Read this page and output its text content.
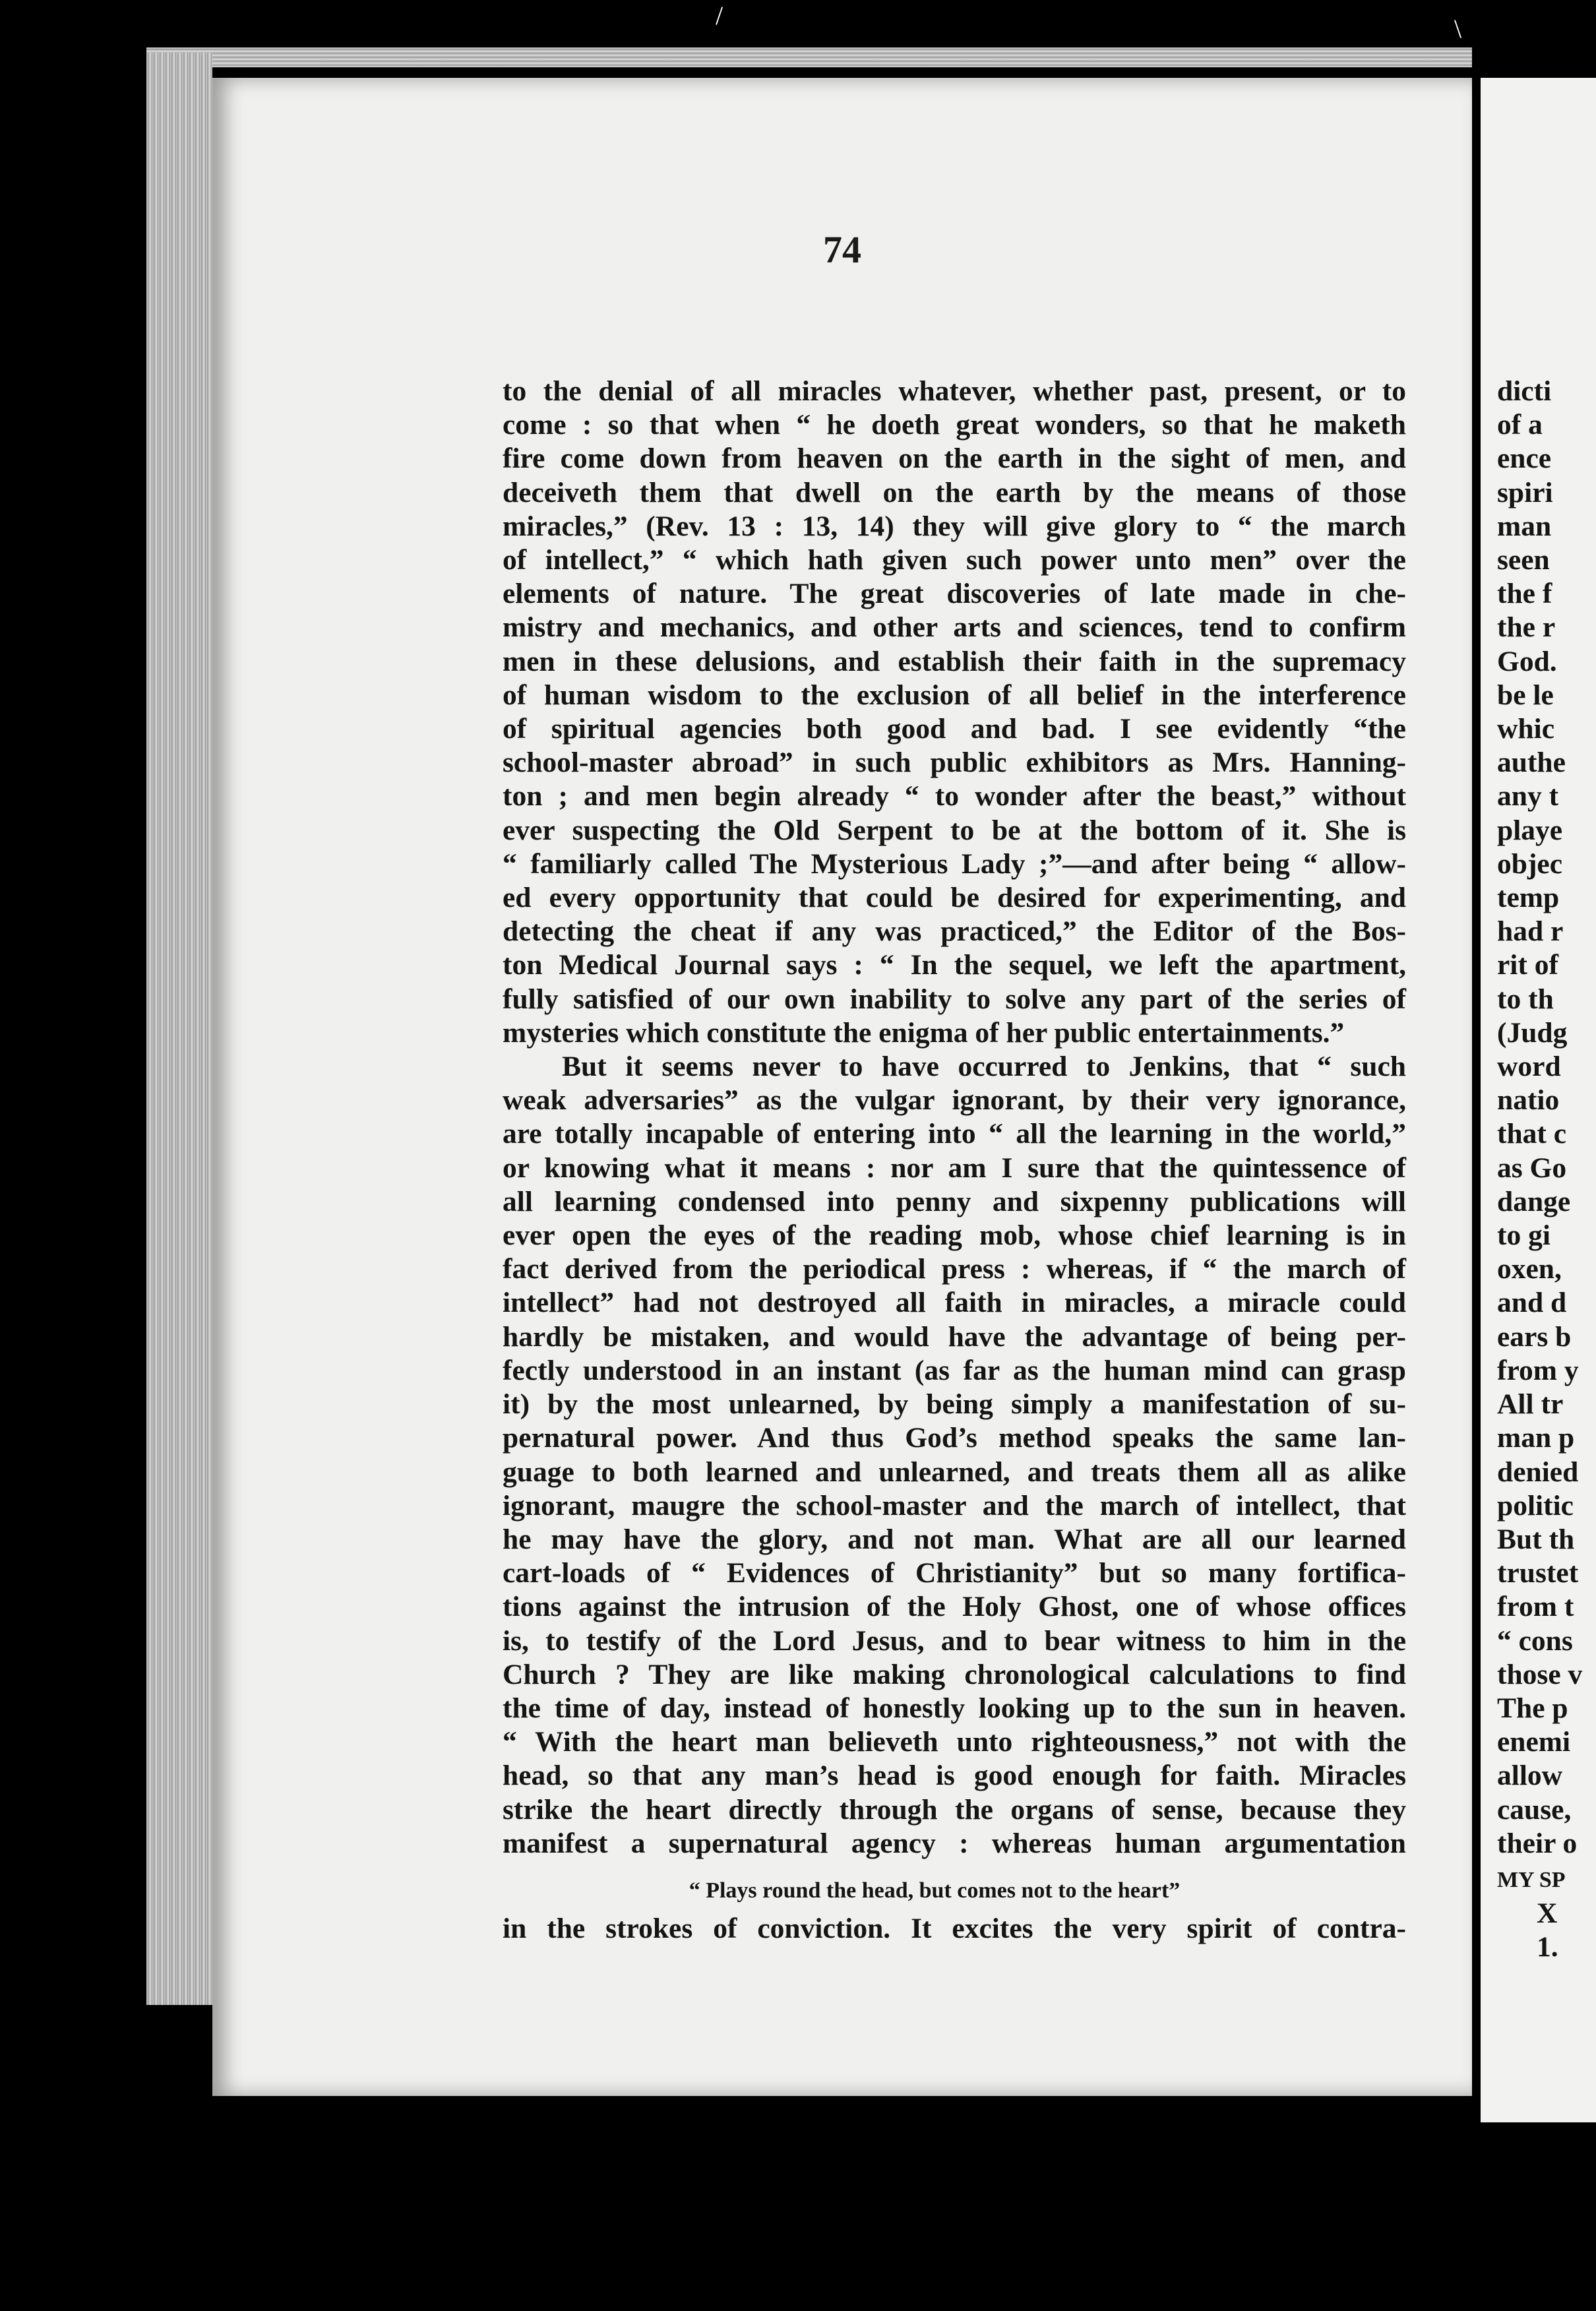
/	\
74
to the denial of all miracles whatever, whether past, present, or to
come : so that when “ he doeth great wonders, so that he maketh
fire come down from heaven on the earth in the sight of men, and
deceiveth them that dwell on the earth by the means of those
miracles,” (Rev. 13 : 13, 14) they will give glory to “ the march
of intellect,” “ which hath given such power unto men” over the
elements of nature. The great discoveries of late made in che-
mistry and mechanics, and other arts and sciences, tend to confirm
men in these delusions, and establish their faith in the supremacy
of human wisdom to the exclusion of all belief in the interference
of spiritual agencies both good and bad. I see evidently “the
school-master abroad” in such public exhibitors as Mrs. Hanning-
ton ; and men begin already “ to wonder after the beast,” without
ever suspecting the Old Serpent to be at the bottom of it. She is
“ familiarly called The Mysterious Lady ;”—and after being “ allow-
ed every opportunity that could be desired for experimenting, and
detecting the cheat if any was practiced,” the Editor of the Bos-
ton Medical Journal says : “ In the sequel, we left the apartment,
fully satisfied of our own inability to solve any part of the series of
mysteries which constitute the enigma of her public entertainments.”
But it seems never to have occurred to Jenkins, that “ such
weak adversaries” as the vulgar ignorant, by their very ignorance,
are totally incapable of entering into “ all the learning in the world,”
or knowing what it means : nor am I sure that the quintessence of
all learning condensed into penny and sixpenny publications will
ever open the eyes of the reading mob, whose chief learning is in
fact derived from the periodical press : whereas, if “ the march of
intellect” had not destroyed all faith in miracles, a miracle could
hardly be mistaken, and would have the advantage of being per-
fectly understood in an instant (as far as the human mind can grasp
it) by the most unlearned, by being simply a manifestation of su-
pernatural power. And thus God’s method speaks the same lan-
guage to both learned and unlearned, and treats them all as alike
ignorant, maugre the school-master and the march of intellect, that
he may have the glory, and not man. What are all our learned
cart-loads of “ Evidences of Christianity” but so many fortifica-
tions against the intrusion of the Holy Ghost, one of whose offices
is, to testify of the Lord Jesus, and to bear witness to him in the
Church ? They are like making chronological calculations to find
the time of day, instead of honestly looking up to the sun in heaven.
“ With the heart man believeth unto righteousness,” not with the
head, so that any man’s head is good enough for faith. Miracles
strike the heart directly through the organs of sense, because they
manifest a supernatural agency : whereas human argumentation
“ Plays round the head, but comes not to the heart”
in the strokes of conviction. It excites the very spirit of contra-
dicti
of a
ence
spiri
man
seen
the f
the r
God.
be le
whic
authe
any t
playe
objec
temp
had r
rit of
to th
(Judg
word
natio
that c
as Go
dange
to gi
oxen,
and d
ears b
from y
All tr
man p
denied
politic
But th
trustet
from t
“ cons
those v
The p
enemi
allow
cause,
their o
MY SP
X
1.
